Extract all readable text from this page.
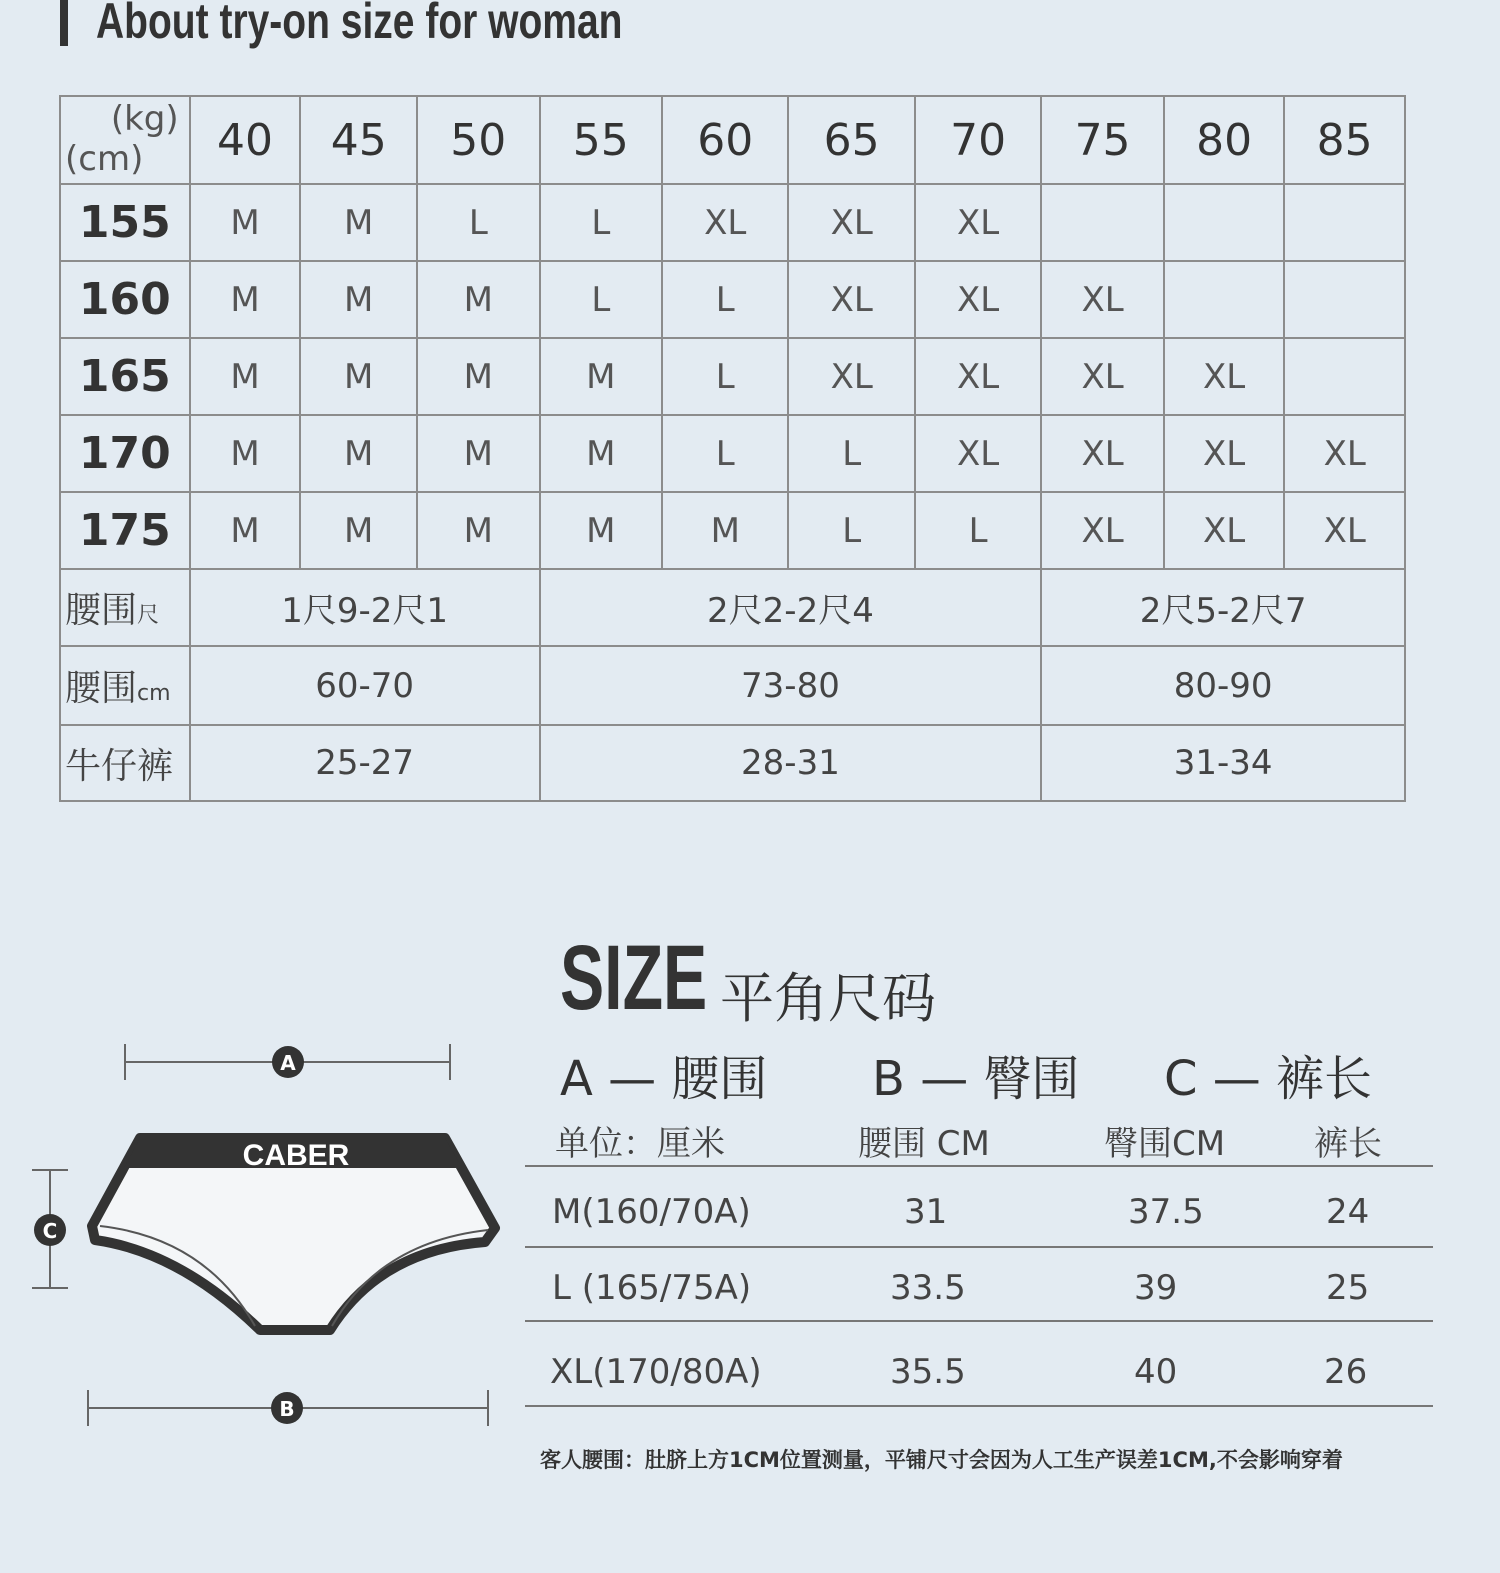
About try-on size for woman
(kg)
(cm)	40	45	50	55	60	65	70	75	80	85
155	M	M	L	L	XL	XL	XL			
160	M	M	M	L	L	XL	XL	XL		
165	M	M	M	M	L	XL	XL	XL	XL	
170	M	M	M	M	L	L	XL	XL	XL	XL
175	M	M	M	M	M	L	L	XL	XL	XL
腰围尺	1尺9-2尺1			2尺2-2尺4				2尺5-2尺7		
腰围cm	60-70			73-80				80-90		
牛仔裤	25-27			28-31				31-34		
A
C
CABER
B
SIZE 平角尺码
A — 腰围 B — 臀围 C — 裤长
单位：厘米	腰围 CM	臀围CM	裤长
M(160/70A)	31	37.5	24
L (165/75A)	33.5	39	25
XL(170/80A)	35.5	40	26
客人腰围：肚脐上方1CM位置测量，平铺尺寸会因为人工生产误差1CM,不会影响穿着
